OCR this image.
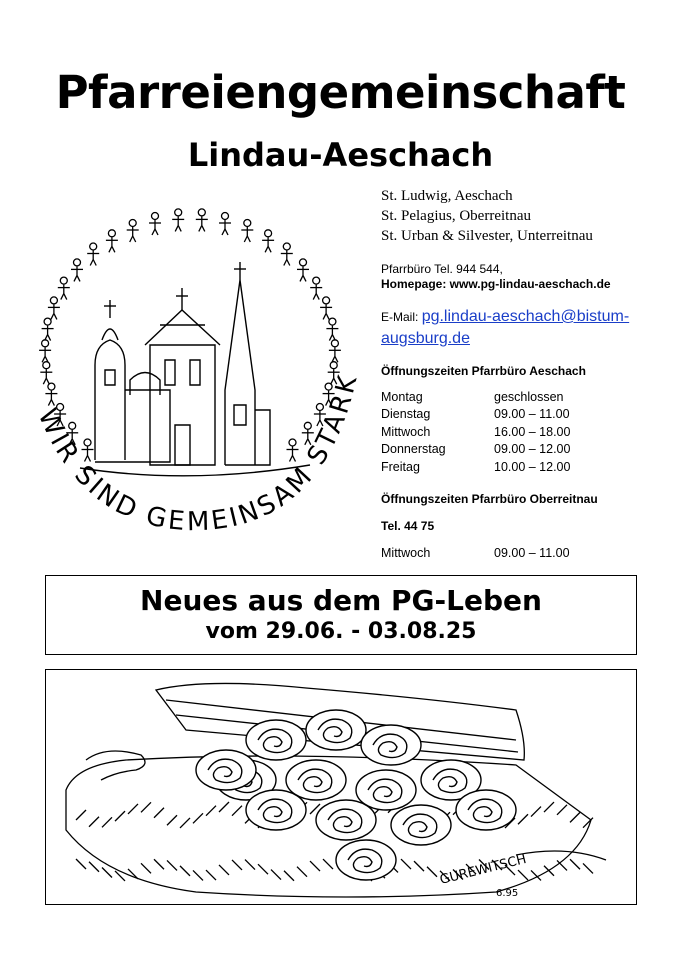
Pfarreiengemeinschaft
Lindau-Aeschach
WIR SIND GEMEINSAM STARK
St. Ludwig, Aeschach
St. Pelagius, Oberreitnau
St. Urban & Silvester, Unterreitnau
Pfarrbüro Tel. 944 544,
Homepage: www.pg-lindau-aeschach.de
E-Mail: pg.lindau-aeschach@bistum-
augsburg.de
Öffnungszeiten Pfarrbüro Aeschach
Montag	geschlossen
Dienstag	09.00 – 11.00
Mittwoch	16.00 – 18.00
Donnerstag	09.00 – 12.00
Freitag	10.00 – 12.00
Öffnungszeiten Pfarrbüro Oberreitnau
Tel. 44 75
Mittwoch	09.00 – 11.00
Neues aus dem PG-Leben
vom 29.06. - 03.08.25
GUREWITSCH
6.95
